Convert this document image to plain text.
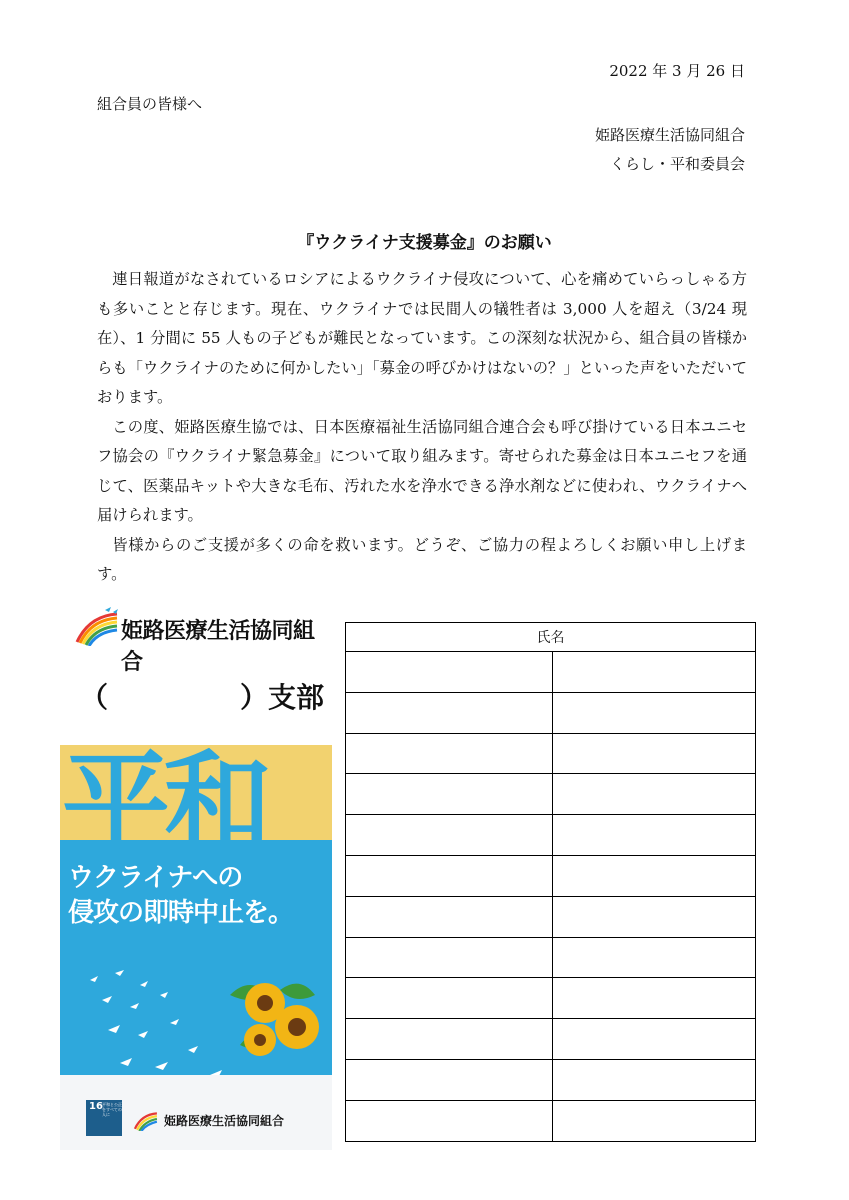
2022 年 3 月 26 日
組合員の皆様へ
姫路医療生活協同組合
くらし・平和委員会
『ウクライナ支援募金』のお願い

連日報道がなされているロシアによるウクライナ侵攻について、心を痛めていらっしゃる方も多いことと存じます。現在、ウクライナでは民間人の犠牲者は 3,000 人を超え（3/24 現在）、1 分間に 55 人もの子どもが難民となっています。この深刻な状況から、組合員の皆様からも「ウクライナのために何かしたい」「募金の呼びかけはないの？」といった声をいただいております。

この度、姫路医療生協では、日本医療福祉生活協同組合連合会も呼び掛けている日本ユニセフ協会の『ウクライナ緊急募金』について取り組みます。寄せられた募金は日本ユニセフを通じて、医薬品キットや大きな毛布、汚れた水を浄水できる浄水剤などに使われ、ウクライナへ届けられます。

皆様からのご支援が多くの命を救います。どうぞ、ご協力の程よろしくお願い申し上げます。

姫路医療生活協同組合
（	）支部
平和
ウクライナへの
侵攻の即時中止を。
16 平和と公正をすべての人に	姫路医療生活協同組合
氏名	
